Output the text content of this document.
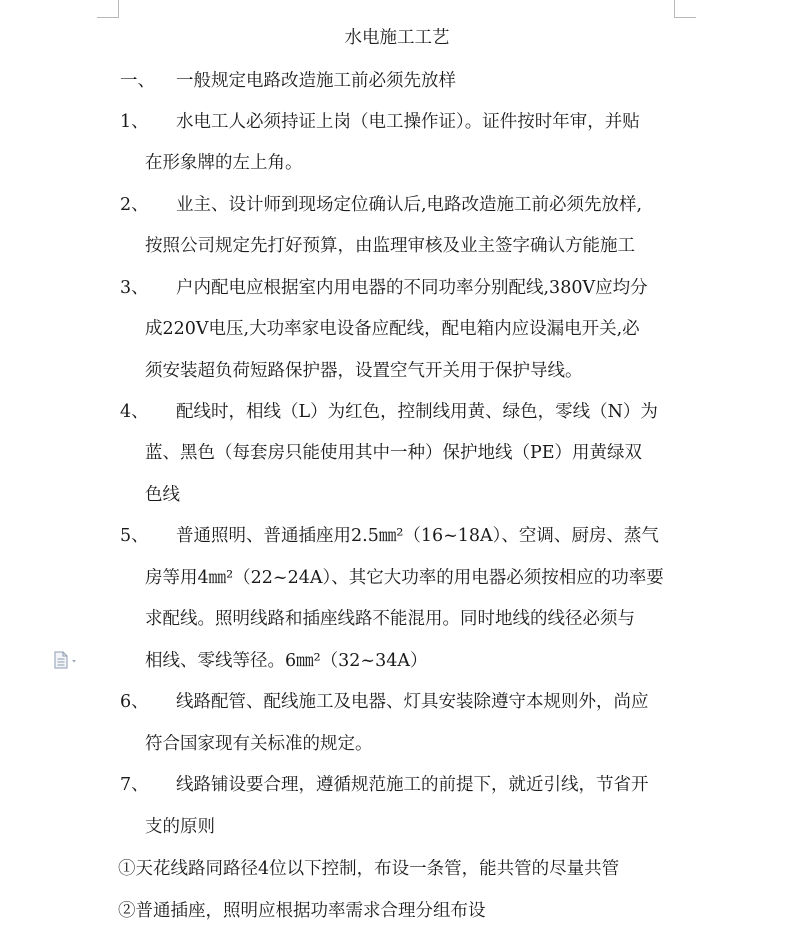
水电施工工艺
一、 一般规定电路改造施工前必须先放样
1、 水电工人必须持证上岗（电工操作证）。证件按时年审，并贴
在形象牌的左上角。
2、 业主、设计师到现场定位确认后,电路改造施工前必须先放样,
按照公司规定先打好预算，由监理审核及业主签字确认方能施工
3、 户内配电应根据室内用电器的不同功率分别配线,380V应均分
成220V电压,大功率家电设备应配线，配电箱内应设漏电开关,必
须安装超负荷短路保护器，设置空气开关用于保护导线。
4、 配线时，相线（L）为红色，控制线用黄、绿色，零线（N）为
蓝、黑色（每套房只能使用其中一种）保护地线（PE）用黄绿双
色线
5、 普通照明、普通插座用2.5㎜²（16~18A）、空调、厨房、蒸气
房等用4㎜²（22~24A）、其它大功率的用电器必须按相应的功率要
求配线。照明线路和插座线路不能混用。同时地线的线径必须与
相线、零线等径。6㎜²（32~34A）
6、 线路配管、配线施工及电器、灯具安装除遵守本规则外，尚应
符合国家现有关标准的规定。
7、 线路铺设要合理，遵循规范施工的前提下，就近引线，节省开
支的原则
①天花线路同路径4位以下控制，布设一条管，能共管的尽量共管
②普通插座，照明应根据功率需求合理分组布设
